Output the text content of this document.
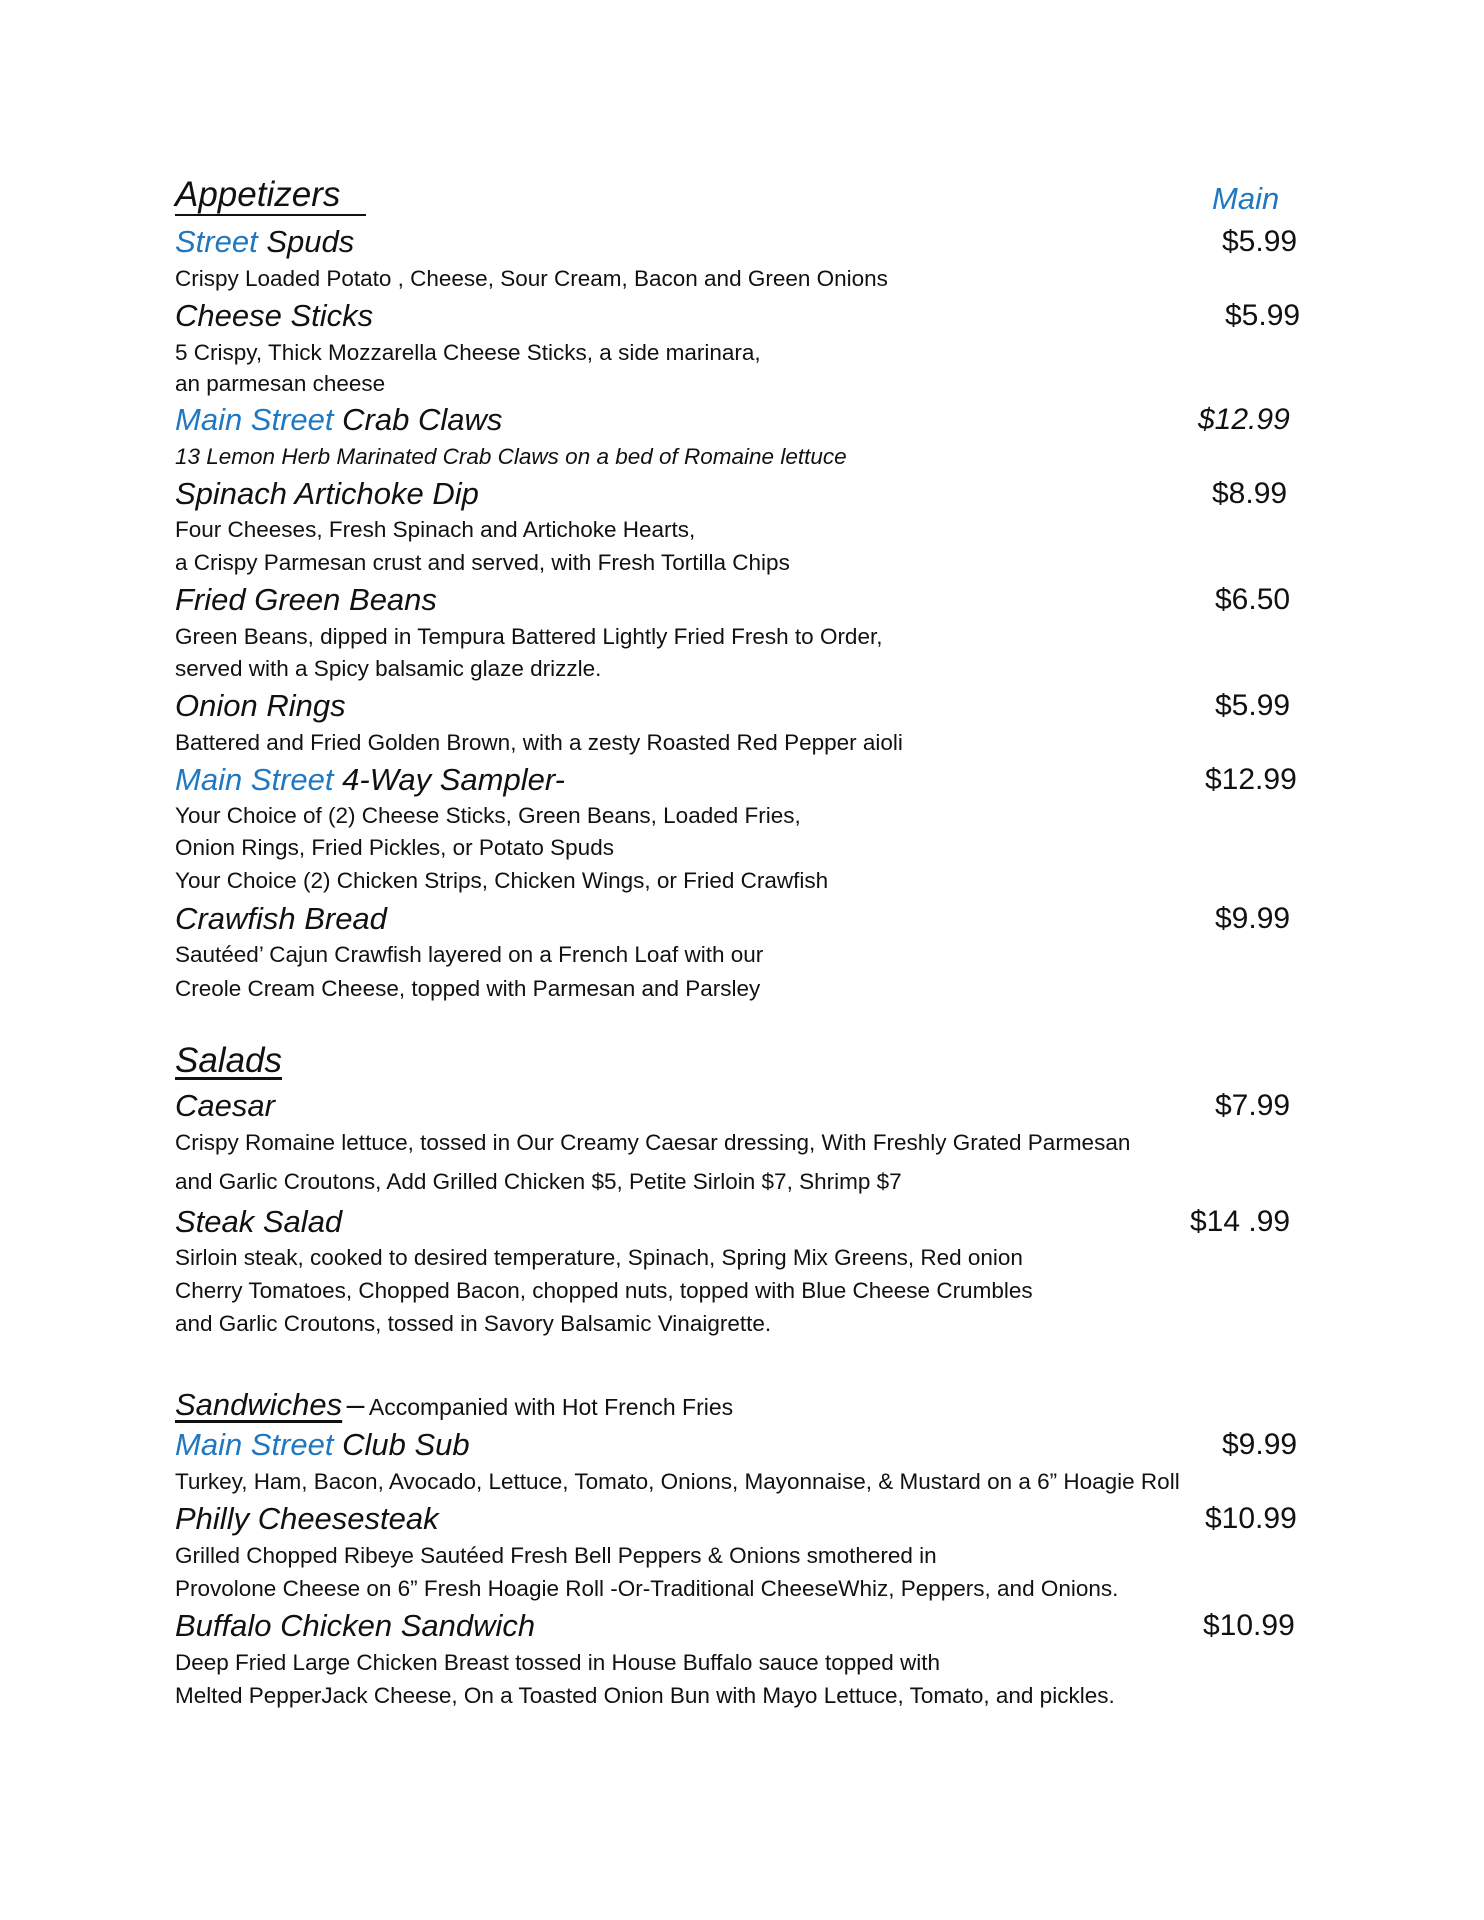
Appetizers	Main
Street Spuds	$5.99
Crispy Loaded Potato , Cheese, Sour Cream, Bacon and Green Onions
Cheese Sticks	$5.99
5 Crispy, Thick Mozzarella Cheese Sticks, a side marinara,
an parmesan cheese
Main Street Crab Claws	$12.99
13 Lemon Herb Marinated Crab Claws on a bed of Romaine lettuce
Spinach Artichoke Dip	$8.99
Four Cheeses, Fresh Spinach and Artichoke Hearts,
a Crispy Parmesan crust and served, with Fresh Tortilla Chips
Fried Green Beans	$6.50
Green Beans, dipped in Tempura Battered Lightly Fried Fresh to Order,
served with a Spicy balsamic glaze drizzle.
Onion Rings	$5.99
Battered and Fried Golden Brown, with a zesty Roasted Red Pepper aioli
Main Street 4-Way Sampler-	$12.99
Your Choice of (2) Cheese Sticks, Green Beans, Loaded Fries,
Onion Rings, Fried Pickles, or Potato Spuds
Your Choice (2) Chicken Strips, Chicken Wings, or Fried Crawfish
Crawfish Bread	$9.99
Sautéed’ Cajun Crawfish layered on a French Loaf with our
Creole Cream Cheese, topped with Parmesan and Parsley
Salads
Caesar	$7.99
Crispy Romaine lettuce, tossed in Our Creamy Caesar dressing, With Freshly Grated Parmesan
and Garlic Croutons, Add Grilled Chicken $5, Petite Sirloin $7, Shrimp $7
Steak Salad	$14 .99
Sirloin steak, cooked to desired temperature, Spinach, Spring Mix Greens, Red onion
Cherry Tomatoes, Chopped Bacon, chopped nuts, topped with Blue Cheese Crumbles
and Garlic Croutons, tossed in Savory Balsamic Vinaigrette.
Sandwiches – Accompanied with Hot French Fries
Main Street Club Sub	$9.99
Turkey, Ham, Bacon, Avocado, Lettuce, Tomato, Onions, Mayonnaise, & Mustard on a 6” Hoagie Roll
Philly Cheesesteak	$10.99
Grilled Chopped Ribeye Sautéed Fresh Bell Peppers & Onions smothered in
Provolone Cheese on 6” Fresh Hoagie Roll -Or-Traditional CheeseWhiz, Peppers, and Onions.
Buffalo Chicken Sandwich	$10.99
Deep Fried Large Chicken Breast tossed in House Buffalo sauce topped with
Melted PepperJack Cheese, On a Toasted Onion Bun with Mayo Lettuce, Tomato, and pickles.
